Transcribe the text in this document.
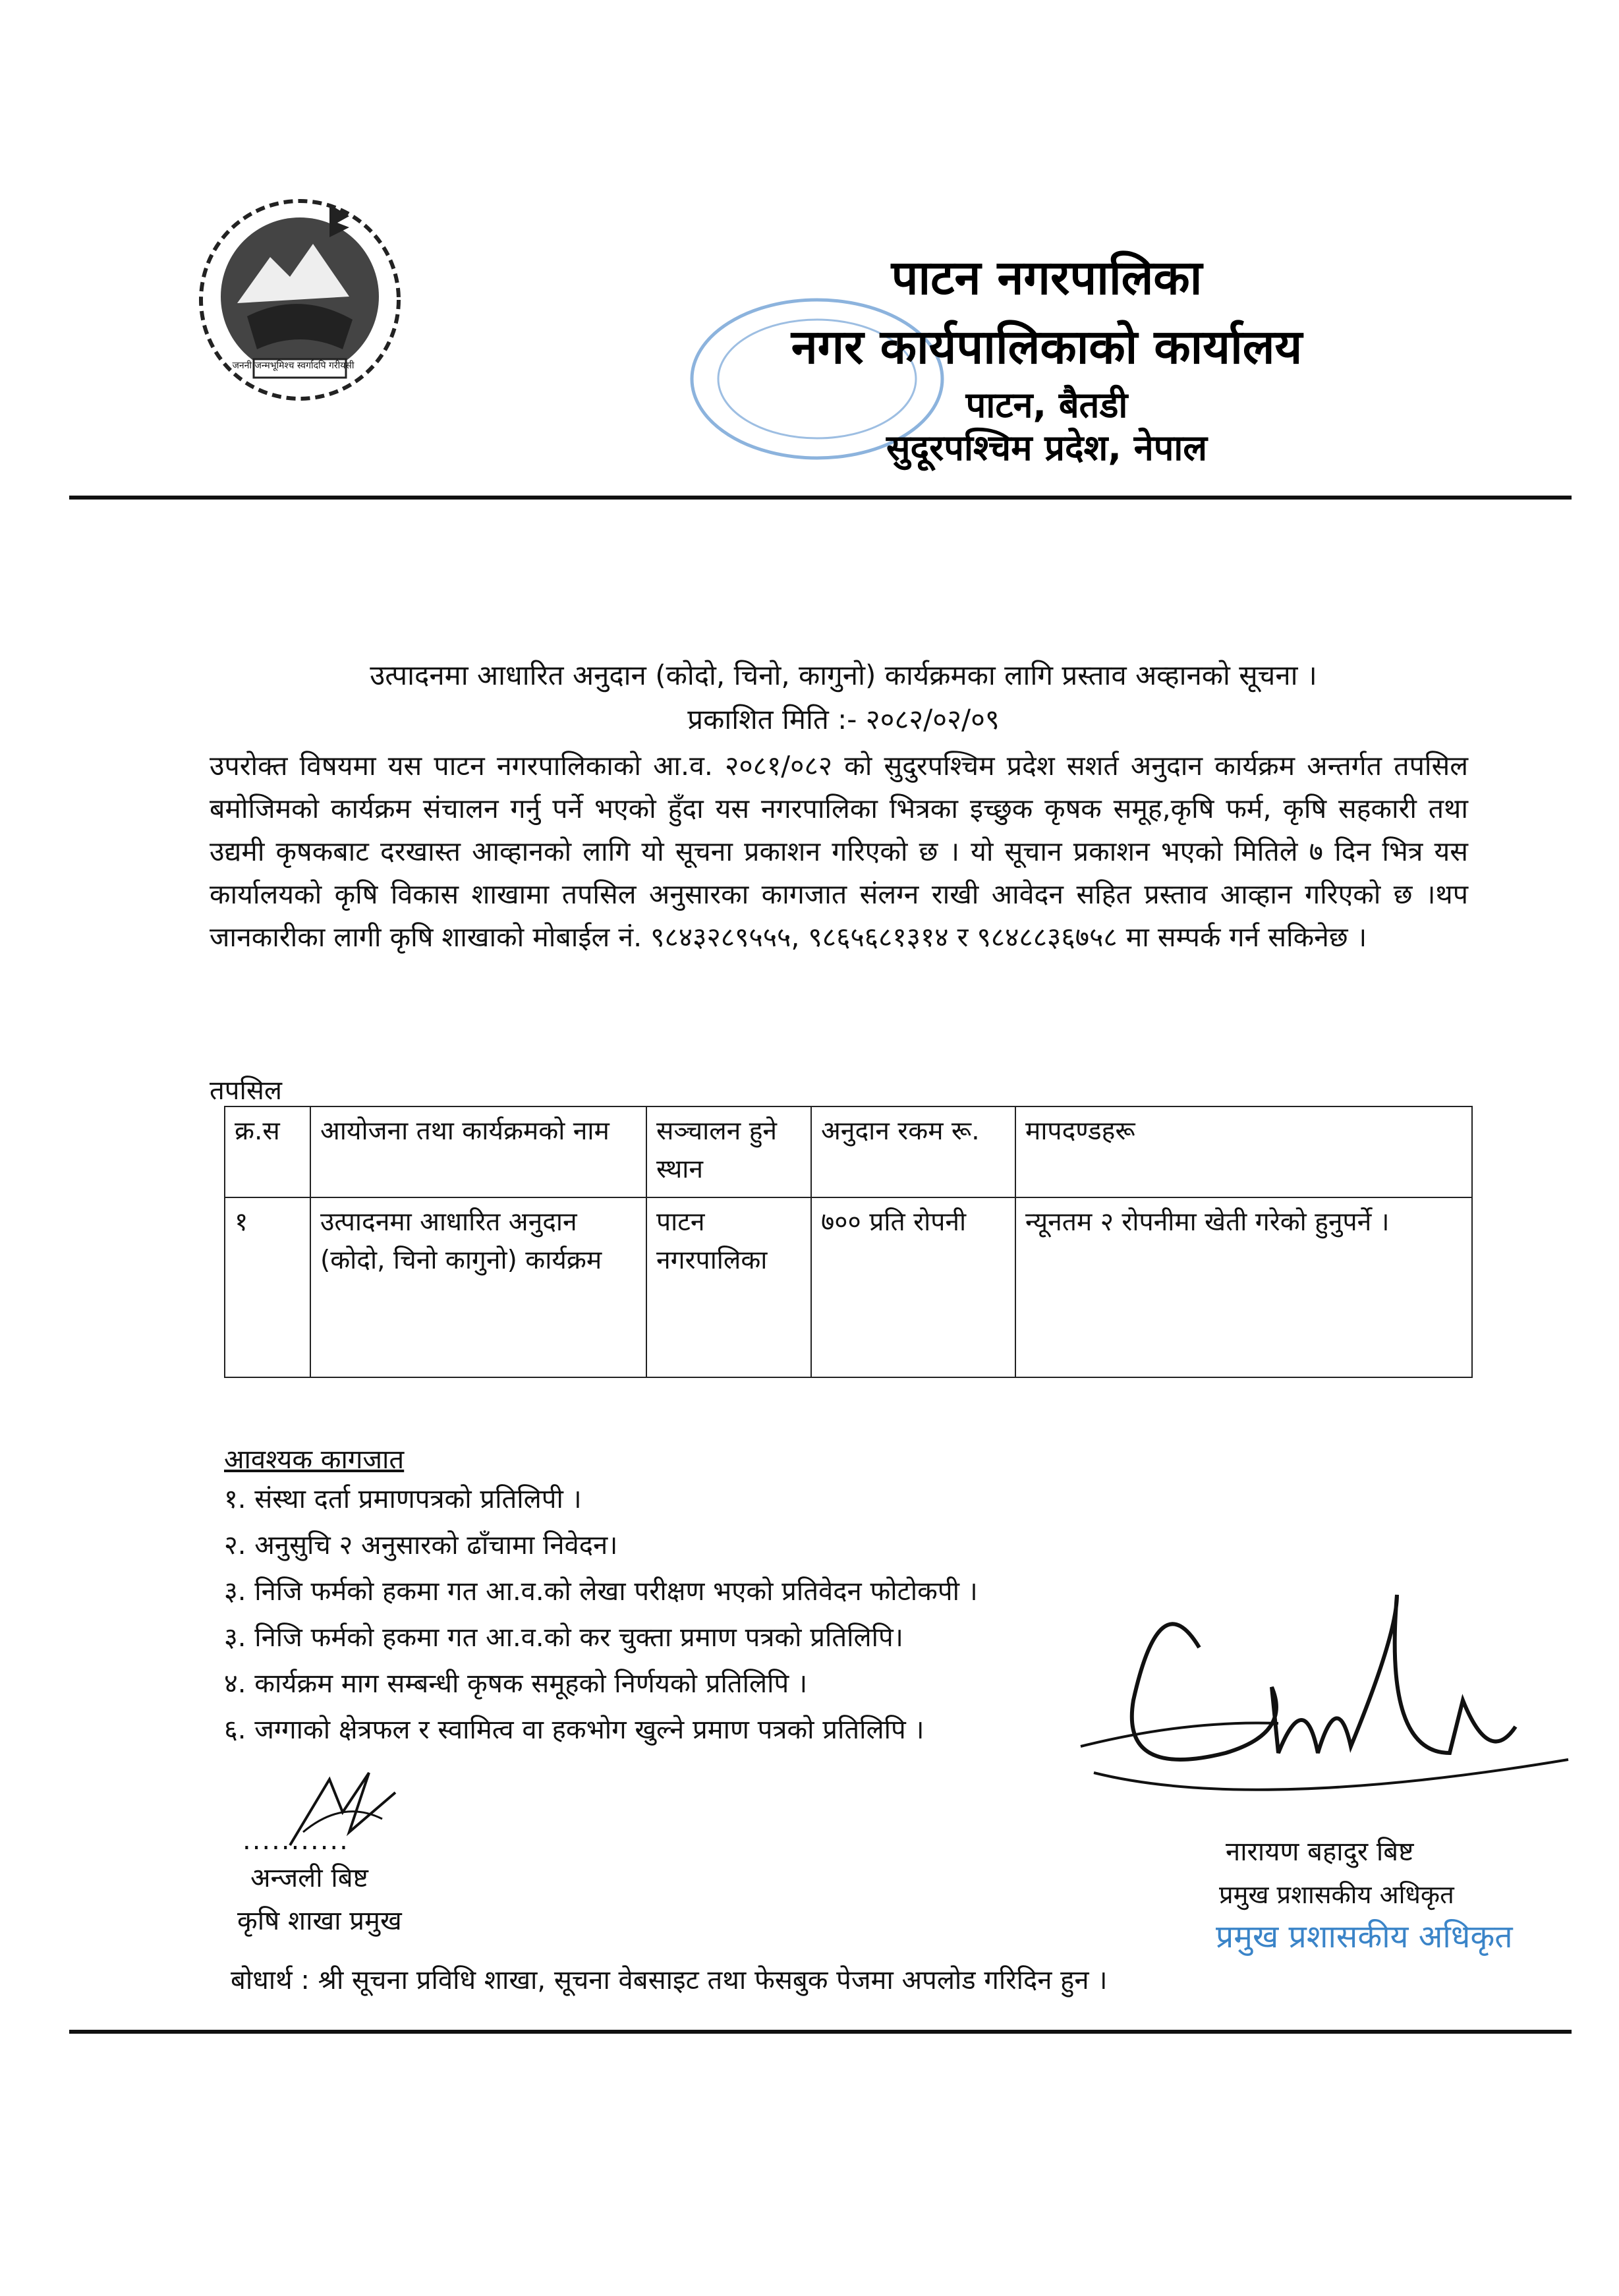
जननी जन्मभूमिश्च स्वर्गादपि गरीयसी
पाटन नगरपालिका
नगर कार्यपालिकाको कार्यालय
पाटन, बैतडी
सुदूरपश्चिम प्रदेश, नेपाल
उत्पादनमा आधारित अनुदान (कोदो, चिनो, कागुनो) कार्यक्रमका लागि प्रस्ताव अव्हानको सूचना ।
प्रकाशित मिति :- २०८२/०२/०९
उपरोक्त विषयमा यस पाटन नगरपालिकाको आ.व. २०८१/०८२ को सुदुरपश्चिम प्रदेश सशर्त अनुदान कार्यक्रम अन्तर्गत तपसिल बमोजिमको कार्यक्रम संचालन गर्नु पर्ने भएको हुँदा यस नगरपालिका भित्रका इच्छुक कृषक समूह,कृषि फर्म, कृषि सहकारी तथा उद्यमी कृषकबाट दरखास्त आव्हानको लागि यो सूचना प्रकाशन गरिएको छ । यो सूचान प्रकाशन भएको मितिले ७ दिन भित्र यस कार्यालयको कृषि विकास शाखामा तपसिल अनुसारका कागजात संलग्न राखी आवेदन सहित प्रस्ताव आव्हान गरिएको छ ।थप जानकारीका लागी कृषि शाखाको मोबाईल नं. ९८४३२८९५५५, ९८६५६८१३१४ र ९८४८८३६७५८ मा सम्पर्क गर्न सकिनेछ ।
तपसिल
क्र.स	आयोजना तथा कार्यक्रमको नाम	सञ्चालन हुने स्थान	अनुदान रकम रू.	मापदण्डहरू
१	उत्पादनमा आधारित अनुदान (कोदो, चिनो कागुनो) कार्यक्रम	पाटन नगरपालिका	७०० प्रति रोपनी	न्यूनतम २ रोपनीमा खेती गरेको हुनुपर्ने ।
आवश्यक कागजात
१. संस्था दर्ता प्रमाणपत्रको प्रतिलिपी ।
२. अनुसुचि २ अनुसारको ढाँचामा निवेदन।
३. निजि फर्मको हकमा गत आ.व.को लेखा परीक्षण भएको प्रतिवेदन फोटोकपी ।
३. निजि फर्मको हकमा गत आ.व.को कर चुक्ता प्रमाण पत्रको प्रतिलिपि।
४. कार्यक्रम माग सम्बन्धी कृषक समूहको निर्णयको प्रतिलिपि ।
६. जग्गाको क्षेत्रफल र स्वामित्व वा हकभोग खुल्ने प्रमाण पत्रको प्रतिलिपि ।
...........
अन्जली बिष्ट
कृषि शाखा प्रमुख
नारायण बहादुर बिष्ट
प्रमुख प्रशासकीय अधिकृत
बोधार्थ : श्री सूचना प्रविधि शाखा, सूचना वेबसाइट तथा फेसबुक पेजमा अपलोड गरिदिन हुन ।
प्रमुख प्रशासकीय अधिकृत
